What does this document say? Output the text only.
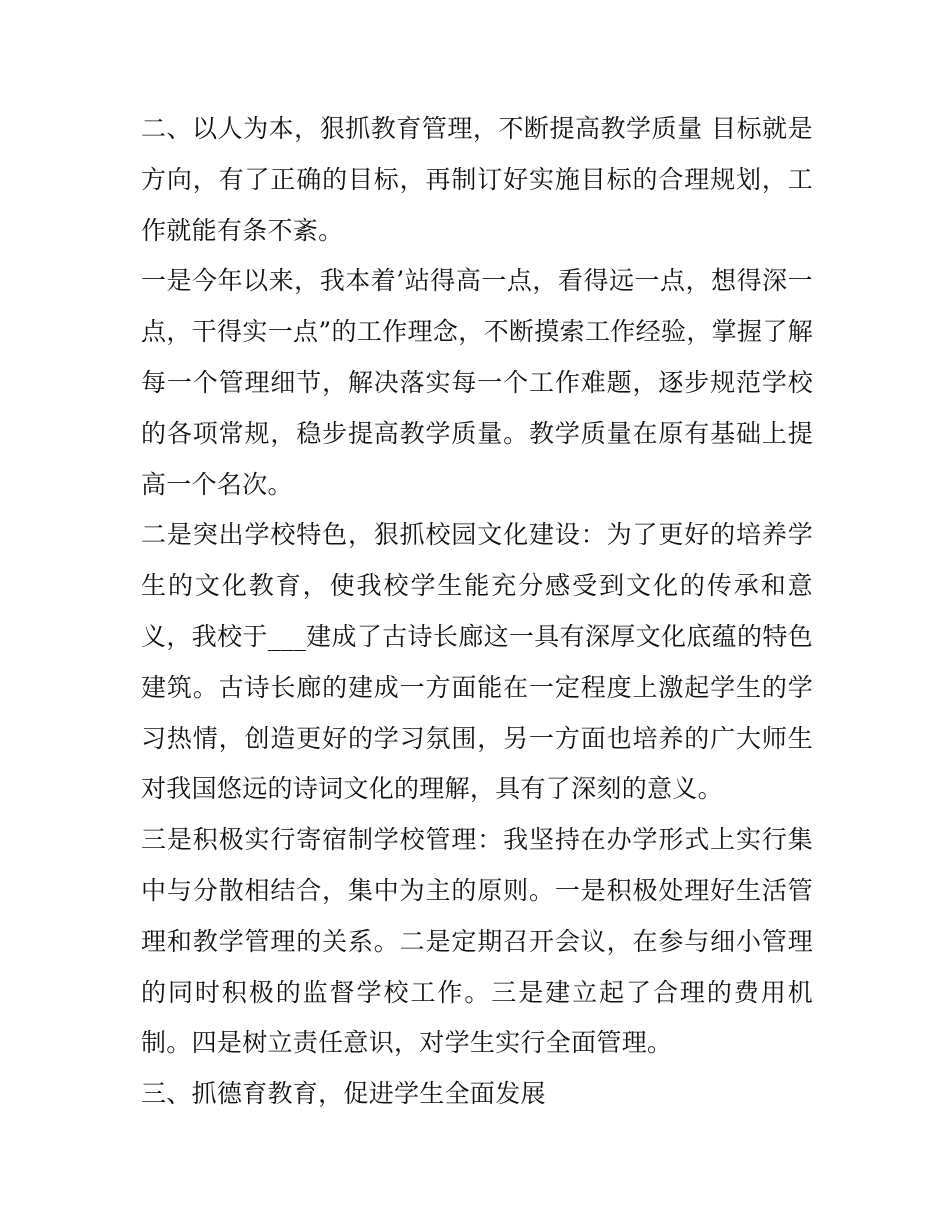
二、以人为本，狠抓教育管理，不断提高教学质量 目标就是方向，有了正确的目标，再制订好实施目标的合理规划，工作就能有条不紊。

一是今年以来，我本着’站得高一点，看得远一点，想得深一点，干得实一点”的工作理念，不断摸索工作经验，掌握了解每一个管理细节，解决落实每一个工作难题，逐步规范学校的各项常规，稳步提高教学质量。教学质量在原有基础上提高一个名次。

二是突出学校特色，狠抓校园文化建设：为了更好的培养学生的文化教育，使我校学生能充分感受到文化的传承和意义，我校于___建成了古诗长廊这一具有深厚文化底蕴的特色建筑。古诗长廊的建成一方面能在一定程度上激起学生的学习热情，创造更好的学习氛围，另一方面也培养的广大师生对我国悠远的诗词文化的理解，具有了深刻的意义。

三是积极实行寄宿制学校管理：我坚持在办学形式上实行集中与分散相结合，集中为主的原则。一是积极处理好生活管理和教学管理的关系。二是定期召开会议，在参与细小管理的同时积极的监督学校工作。三是建立起了合理的费用机制。四是树立责任意识，对学生实行全面管理。

三、抓德育教育，促进学生全面发展
